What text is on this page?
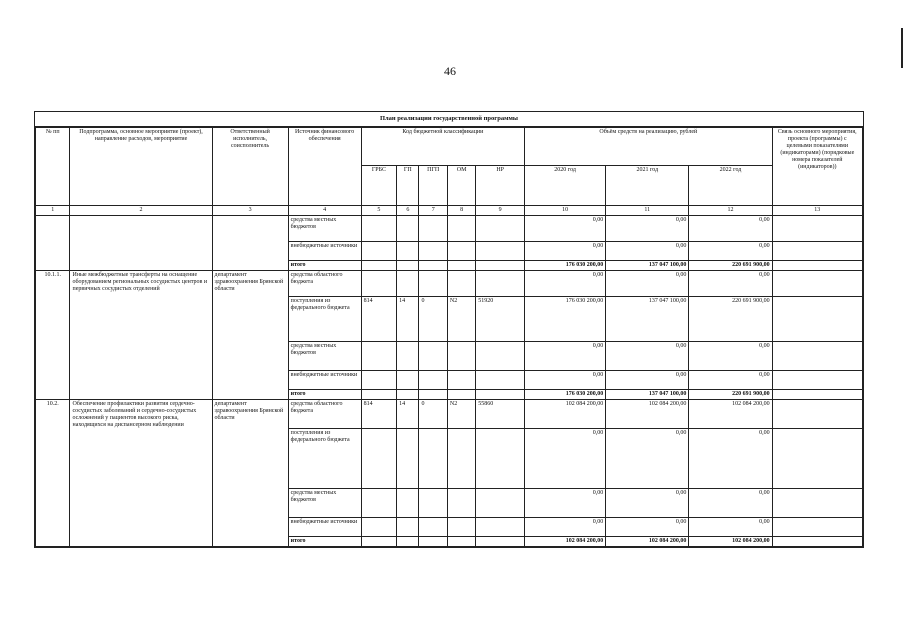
46
План реализации государственной программы
№ пп	Подпрограмма, основное мероприятие (проект), направление расходов, мероприятие	Ответственный исполнитель, соисполнитель	Источник финансового обеспечения	Код бюджетной классификации					Объём средств на реализацию, рублей			Связь основного мероприятия, проекта (программы) с целевыми показателями (индикаторами) (порядковые номера показателей (индикаторов))
				ГРБС	ГП	ПГП	ОМ	НР	2020 год	2021 год	2022 год	
1	2	3	4	5	6	7	8	9	10	11	12	13
			средства местных бюджетов						0,00	0,00	0,00	
			внебюджетные источники						0,00	0,00	0,00	
			итого						176 030 200,00	137 047 100,00	220 691 900,00	
10.1.1.	Иные межбюджетные трансферты на оснащение оборудованием региональных сосудистых центров и первичных сосудистых отделений	департамент здравоохранения Брянской области	средства областного бюджета						0,00	0,00	0,00	
			поступления из федерального бюджета	814	14	0	N2	51920	176 030 200,00	137 047 100,00	220 691 900,00	
			средства местных бюджетов						0,00	0,00	0,00	
			внебюджетные источники						0,00	0,00	0,00	
			итого						176 030 200,00	137 047 100,00	220 691 900,00	
10.2.	Обеспечение профилактики развития сердечно-сосудистых заболеваний и сердечно-сосудистых осложнений у пациентов высокого риска, находящихся на диспансерном наблюдении	департамент здравоохранения Брянской области	средства областного бюджета	814	14	0	N2	55860	102 084 200,00	102 084 200,00	102 084 200,00	
			поступления из федерального бюджета						0,00	0,00	0,00	
			средства местных бюджетов						0,00	0,00	0,00	
			внебюджетные источники						0,00	0,00	0,00	
			итого						102 084 200,00	102 084 200,00	102 084 200,00	
